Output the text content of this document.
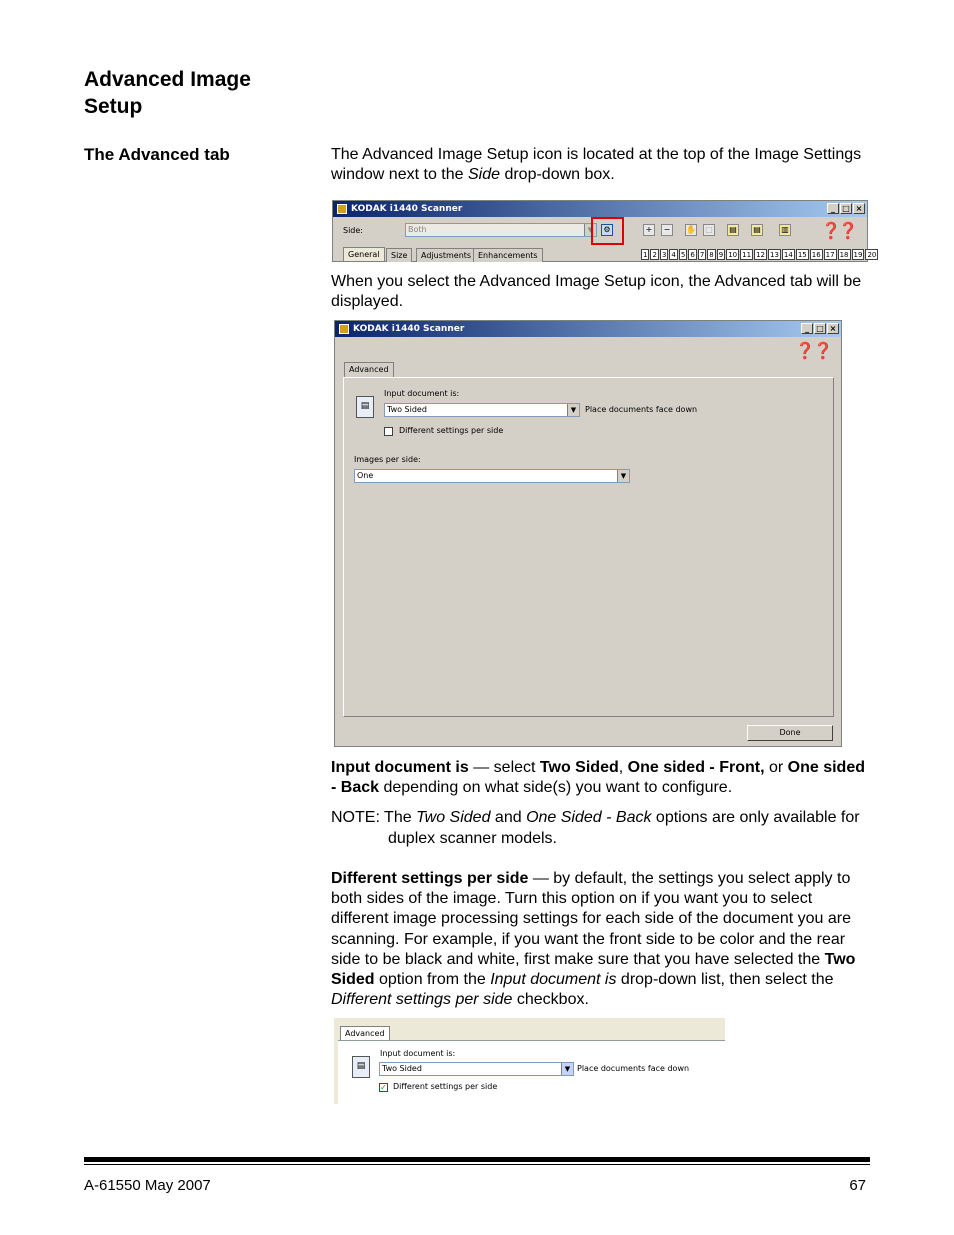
Advanced Image
Setup
The Advanced tab	The Advanced Image Setup icon is located at the top of the Image Settings window next to the Side drop-down box.
KODAK i1440 Scanner	_ □ ×
Side:	Both	▼	⚙	+	−	✋ ▢ ▤ ▤	▥ ❓
❓
General	Size	Adjustments Enhancements	1 2 3 4 5 6 7 8 9 10 11 12 13 14 15 16 17 18 19 20
When you select the Advanced Image Setup icon, the Advanced tab will be displayed.
KODAK i1440 Scanner	_ □ ×
❓
❓
Advanced
▤
Input document is:
Two Sided	▼	Place documents face down
Different settings per side
Images per side:
One	▼
Done
Input document is — select Two Sided, One sided - Front, or One sided - Back depending on what side(s) you want to configure.
NOTE: The Two Sided and One Sided - Back options are only available for duplex scanner models.
Different settings per side — by default, the settings you select apply to both sides of the image. Turn this option on if you want you to select different image processing settings for each side of the document you are scanning. For example, if you want the front side to be color and the rear side to be black and white, first make sure that you have selected the Two Sided option from the Input document is drop-down list, then select the Different settings per side checkbox.
Advanced
▤
Input document is:
Two Sided	▼ Place documents face down
✓ Different settings per side
A-61550 May 2007	67
